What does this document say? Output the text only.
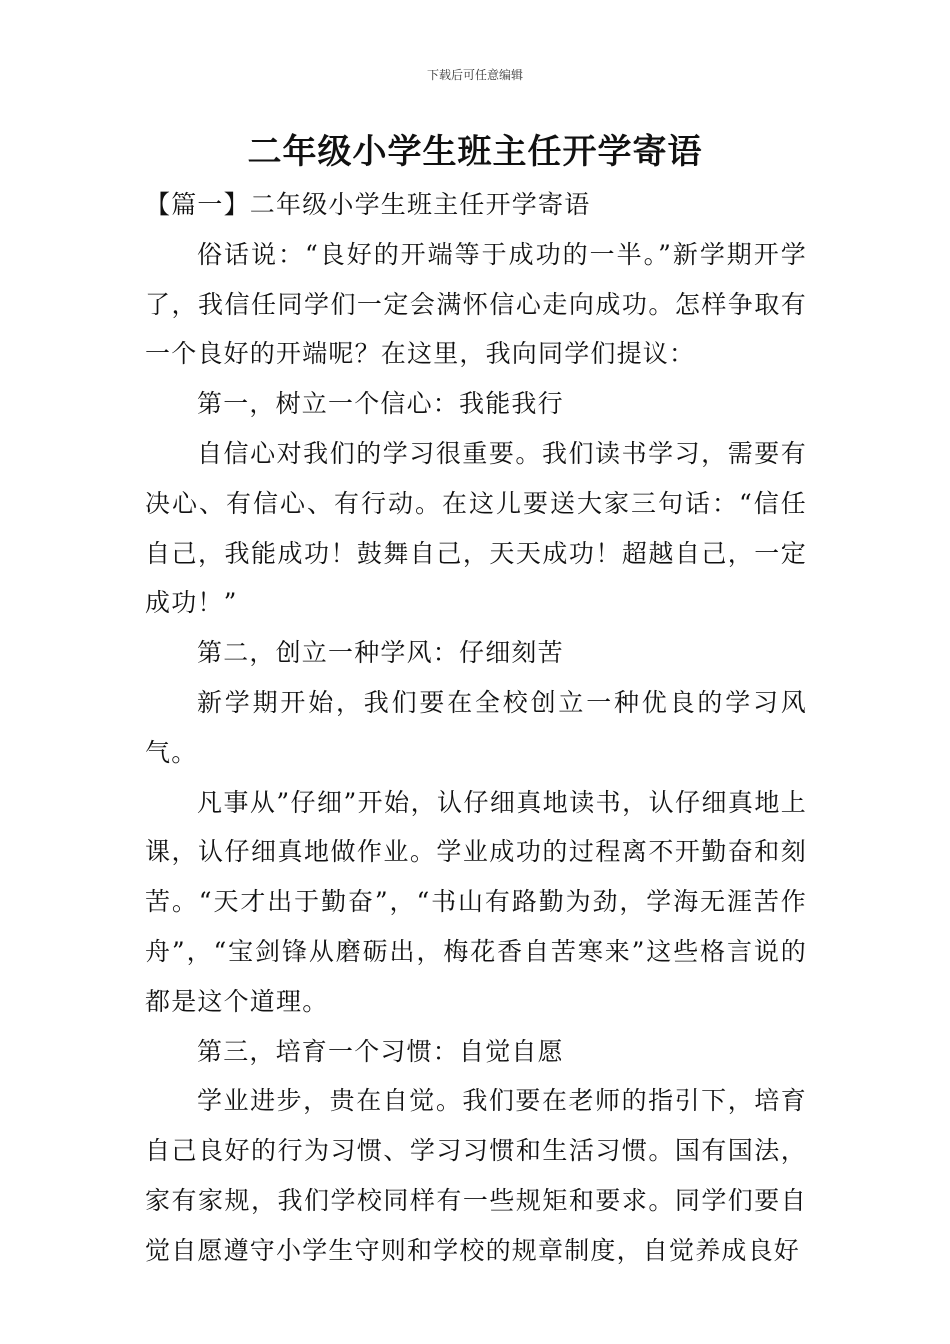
下载后可任意编辑
二年级小学生班主任开学寄语

【篇一】二年级小学生班主任开学寄语

俗话说：“良好的开端等于成功的一半。”新学期开学了，我信任同学们一定会满怀信心走向成功。怎样争取有一个良好的开端呢？在这里，我向同学们提议：

第一，树立一个信心：我能我行

自信心对我们的学习很重要。我们读书学习，需要有决心、有信心、有行动。在这儿要送大家三句话：“信任自己，我能成功！鼓舞自己，天天成功！超越自己，一定成功！”

第二，创立一种学风：仔细刻苦

新学期开始，我们要在全校创立一种优良的学习风气。

凡事从”仔细”开始，认仔细真地读书，认仔细真地上课，认仔细真地做作业。学业成功的过程离不开勤奋和刻苦。“天才出于勤奋”，“书山有路勤为劲，学海无涯苦作舟”，“宝剑锋从磨砺出，梅花香自苦寒来”这些格言说的都是这个道理。

第三，培育一个习惯：自觉自愿

学业进步，贵在自觉。我们要在老师的指引下，培育自己良好的行为习惯、学习习惯和生活习惯。国有国法，家有家规，我们学校同样有一些规矩和要求。同学们要自觉自愿遵守小学生守则和学校的规章制度，自觉养成良好
